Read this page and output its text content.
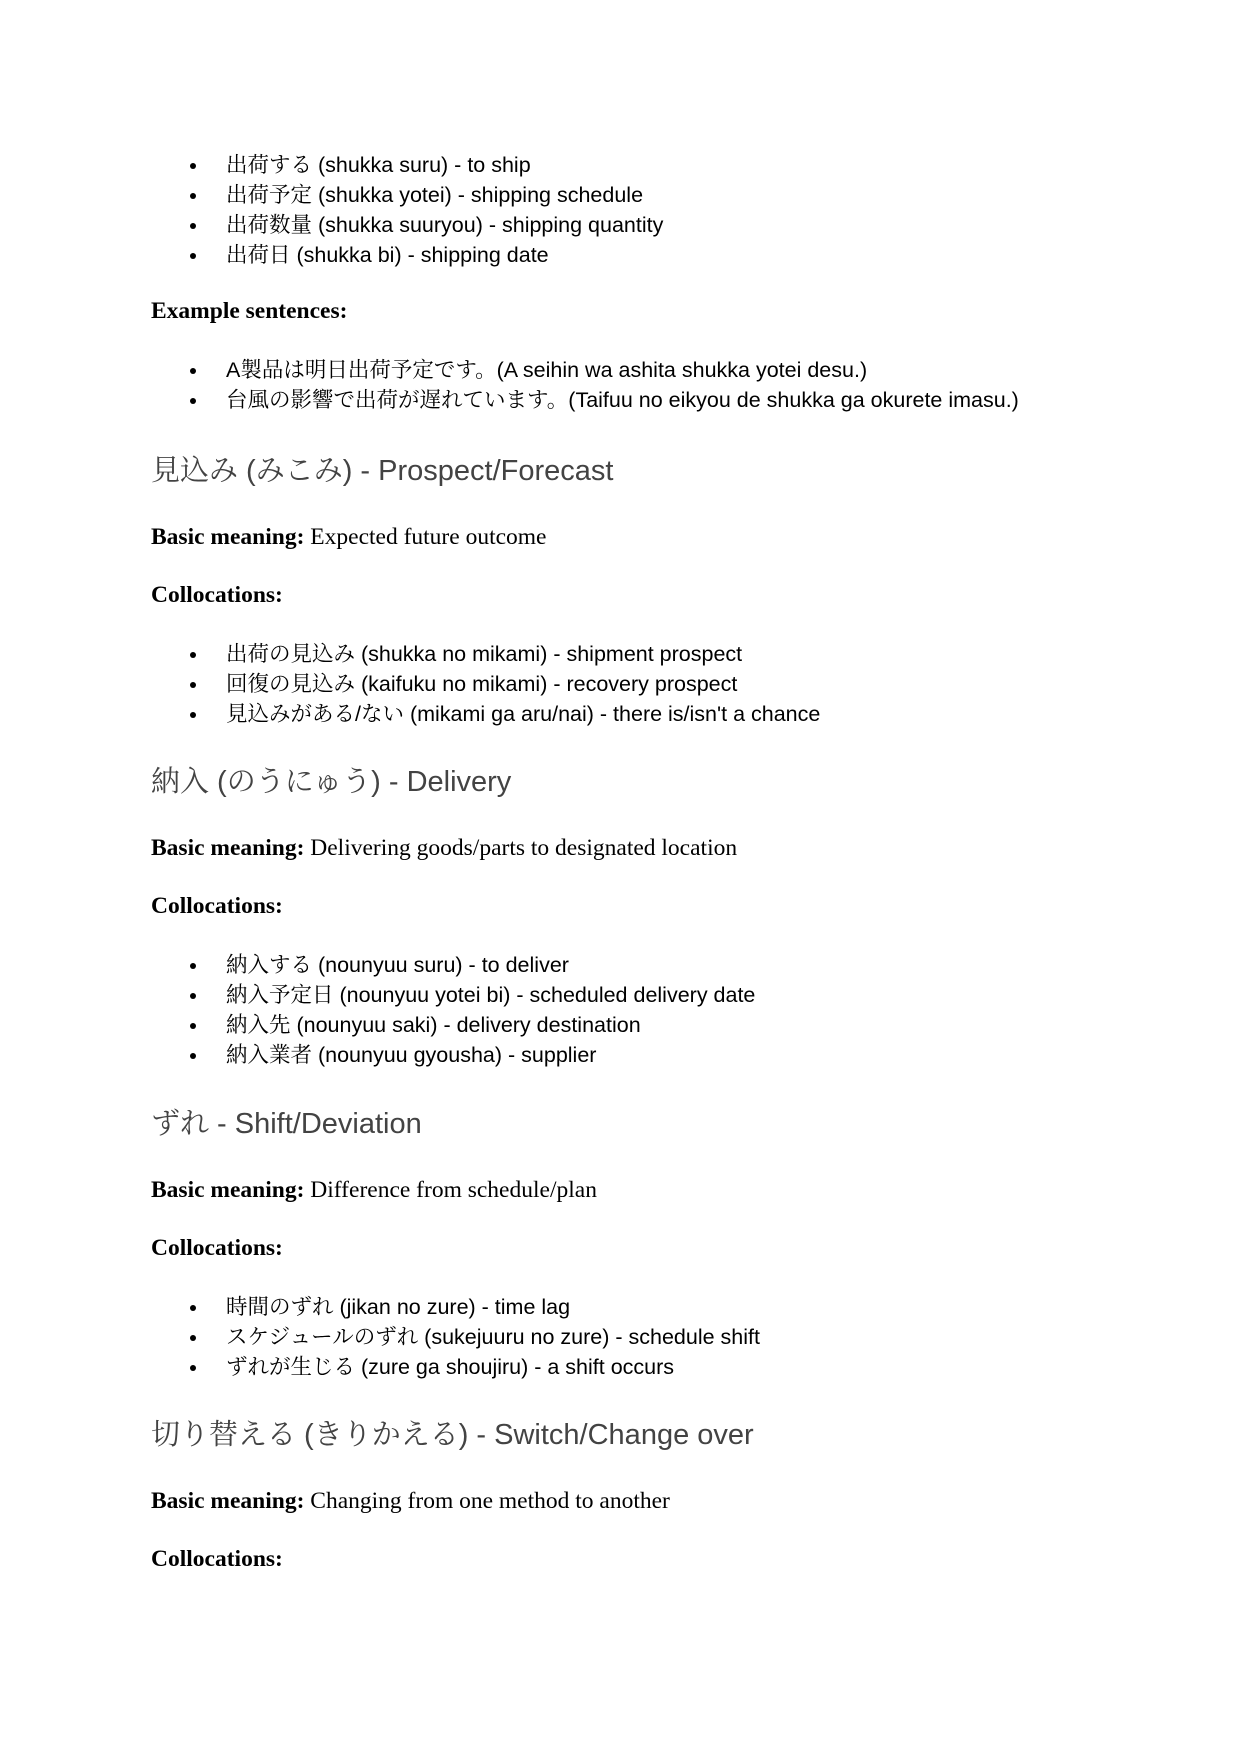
出荷する (shukka suru) - to ship
出荷予定 (shukka yotei) - shipping schedule
出荷数量 (shukka suuryou) - shipping quantity
出荷日 (shukka bi) - shipping date

Example sentences:

A製品は明日出荷予定です。(A seihin wa ashita shukka yotei desu.)
台風の影響で出荷が遅れています。(Taifuu no eikyou de shukka ga okurete imasu.)
見込み (みこみ) - Prospect/Forecast

Basic meaning: Expected future outcome

Collocations:

出荷の見込み (shukka no mikami) - shipment prospect
回復の見込み (kaifuku no mikami) - recovery prospect
見込みがある/ない (mikami ga aru/nai) - there is/isn't a chance
納入 (のうにゅう) - Delivery

Basic meaning: Delivering goods/parts to designated location

Collocations:

納入する (nounyuu suru) - to deliver
納入予定日 (nounyuu yotei bi) - scheduled delivery date
納入先 (nounyuu saki) - delivery destination
納入業者 (nounyuu gyousha) - supplier
ずれ - Shift/Deviation

Basic meaning: Difference from schedule/plan

Collocations:

時間のずれ (jikan no zure) - time lag
スケジュールのずれ (sukejuuru no zure) - schedule shift
ずれが生じる (zure ga shoujiru) - a shift occurs
切り替える (きりかえる) - Switch/Change over

Basic meaning: Changing from one method to another

Collocations:
